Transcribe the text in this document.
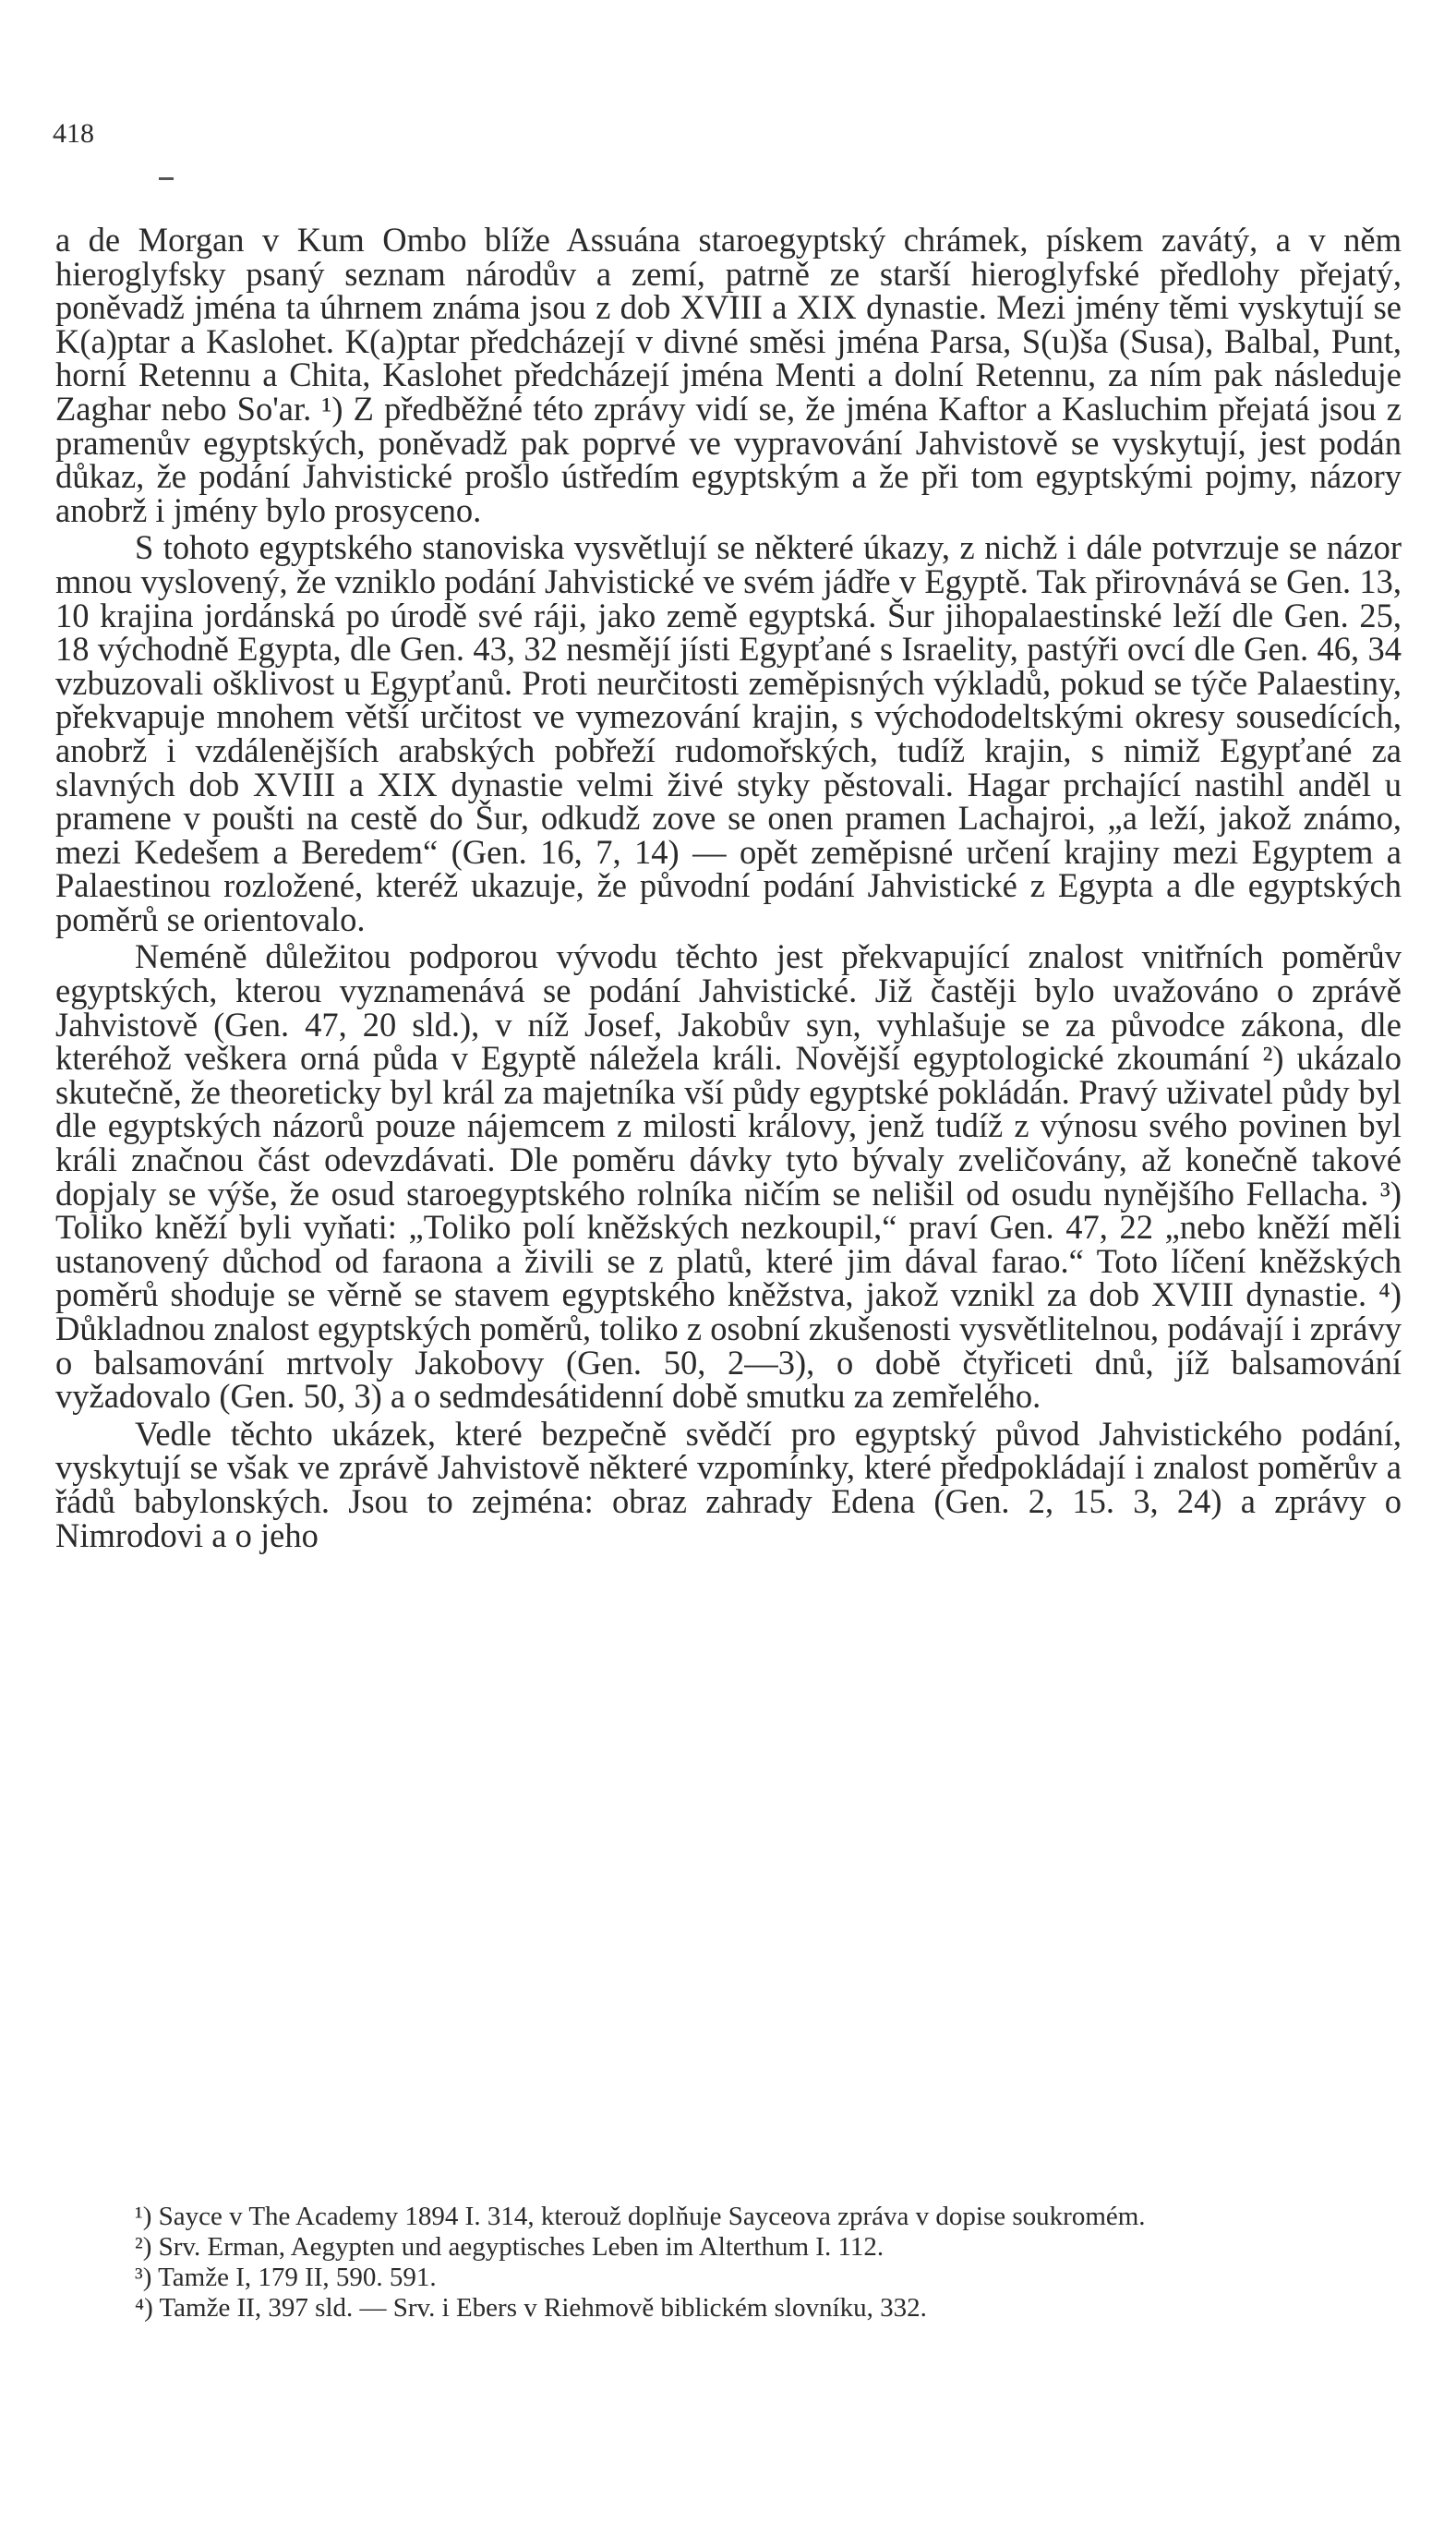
418

a de Morgan v Kum Ombo blíže Assuána staroegyptský chrámek, pískem zavátý, a v něm hieroglyfsky psaný seznam národův a zemí, patrně ze starší hieroglyfské předlohy přejatý, poněvadž jména ta úhrnem známa jsou z dob XVIII a XIX dynastie. Mezi jmény těmi vyskytují se K(a)ptar a Kaslohet. K(a)ptar předcházejí v divné směsi jména Parsa, S(u)ša (Susa), Balbal, Punt, horní Retennu a Chita, Kaslohet předcházejí jména Menti a dolní Retennu, za ním pak následuje Zaghar nebo So'ar. ¹) Z předběžné této zprávy vidí se, že jména Kaftor a Kasluchim přejatá jsou z pramenův egyptských, poněvadž pak poprvé ve vypravování Jahvistově se vyskytují, jest podán důkaz, že podání Jahvistické prošlo ústředím egyptským a že při tom egyptskými pojmy, názory anobrž i jmény bylo prosyceno.

S tohoto egyptského stanoviska vysvětlují se některé úkazy, z nichž i dále potvrzuje se názor mnou vyslovený, že vzniklo podání Jahvistické ve svém jádře v Egyptě. Tak přirovnává se Gen. 13, 10 krajina jordánská po úrodě své ráji, jako země egyptská. Šur jihopalaestinské leží dle Gen. 25, 18 východně Egypta, dle Gen. 43, 32 nesmějí jísti Egypťané s Israelity, pastýři ovcí dle Gen. 46, 34 vzbuzovali ošklivost u Egypťanů. Proti neurčitosti zeměpisných výkladů, pokud se týče Palaestiny, překvapuje mnohem větší určitost ve vymezování krajin, s východodeltskými okresy sousedících, anobrž i vzdálenějších arabských pobřeží rudomořských, tudíž krajin, s nimiž Egypťané za slavných dob XVIII a XIX dynastie velmi živé styky pěstovali. Hagar prchající nastihl anděl u pramene v poušti na cestě do Šur, odkudž zove se onen pramen Lachajroi, „a leží, jakož známo, mezi Kedešem a Beredem“ (Gen. 16, 7, 14) — opět zeměpisné určení krajiny mezi Egyptem a Palaestinou rozložené, kteréž ukazuje, že původní podání Jahvistické z Egypta a dle egyptských poměrů se orientovalo.

Neméně důležitou podporou vývodu těchto jest překvapující znalost vnitřních poměrův egyptských, kterou vyznamenává se podání Jahvistické. Již častěji bylo uvažováno o zprávě Jahvistově (Gen. 47, 20 sld.), v níž Josef, Jakobův syn, vyhlašuje se za původce zákona, dle kteréhož veškera orná půda v Egyptě náležela králi. Novější egyptologické zkoumání ²) ukázalo skutečně, že theoreticky byl král za majetníka vší půdy egyptské pokládán. Pravý uživatel půdy byl dle egyptských názorů pouze nájemcem z milosti královy, jenž tudíž z výnosu svého povinen byl králi značnou část odevzdávati. Dle poměru dávky tyto bývaly zveličovány, až konečně takové dopjaly se výše, že osud staroegyptského rolníka ničím se nelišil od osudu nynějšího Fellacha. ³) Toliko kněží byli vyňati: „Toliko polí kněžských nezkoupil,“ praví Gen. 47, 22 „nebo kněží měli ustanovený důchod od faraona a živili se z platů, které jim dával farao.“ Toto líčení kněžských poměrů shoduje se věrně se stavem egyptského kněžstva, jakož vznikl za dob XVIII dynastie. ⁴) Důkladnou znalost egyptských poměrů, toliko z osobní zkušenosti vysvětlitelnou, podávají i zprávy o balsamování mrtvoly Jakobovy (Gen. 50, 2—3), o době čtyřiceti dnů, jíž balsamování vyžadovalo (Gen. 50, 3) a o sedmdesátidenní době smutku za zemřelého.

Vedle těchto ukázek, které bezpečně svědčí pro egyptský původ Jahvistického podání, vyskytují se však ve zprávě Jahvistově některé vzpomínky, které předpokládají i znalost poměrův a řádů babylonských. Jsou to zejména: obraz zahrady Edena (Gen. 2, 15. 3, 24) a zprávy o Nimrodovi a o jeho

¹) Sayce v The Academy 1894 I. 314, kterouž doplňuje Sayceova zpráva v dopise soukromém.

²) Srv. Erman, Aegypten und aegyptisches Leben im Alterthum I. 112.

³) Tamže I, 179 II, 590. 591.

⁴) Tamže II, 397 sld. — Srv. i Ebers v Riehmově biblickém slovníku, 332.
